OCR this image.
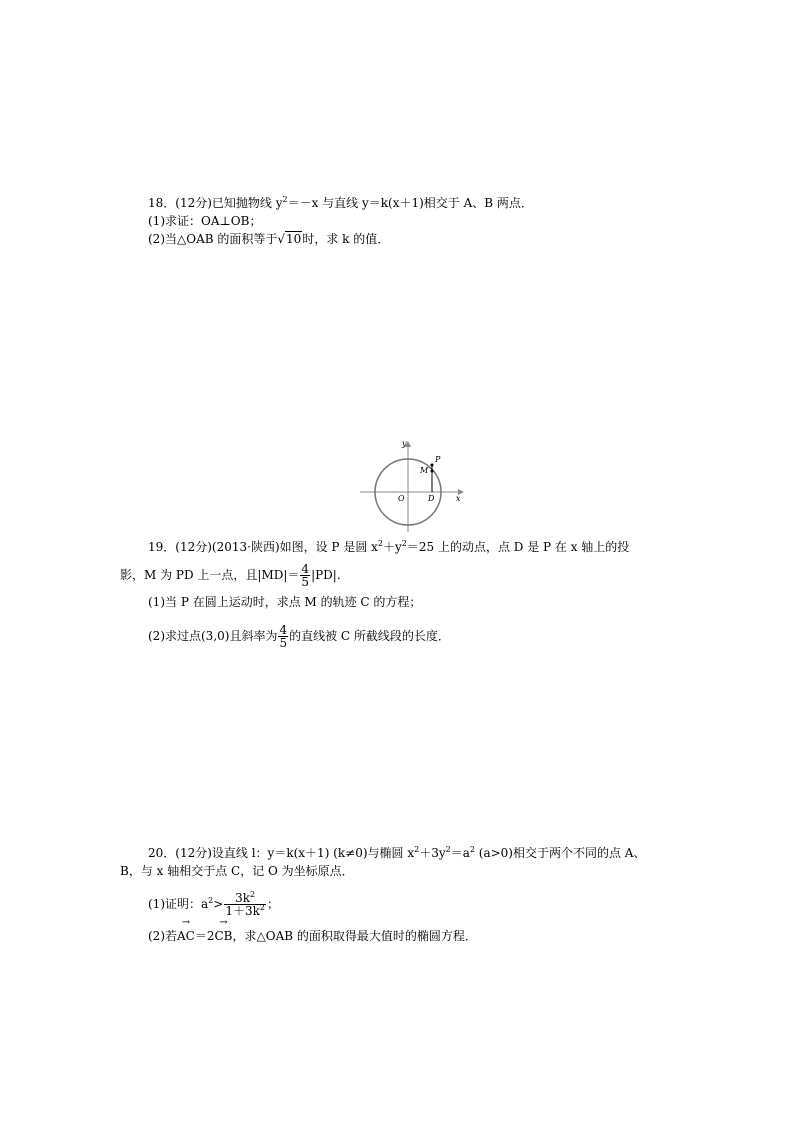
18．(12分)已知抛物线 $y^2=-x$ 与直线 y＝k(x＋1)相交于 A、B 两点．
(1)求证：OA⊥OB；
(2)当△OAB 的面积等于√10时，求 k 的值．
y
x
O	D
M
P
19．(12分)(2013·陕西)如图，设 P 是圆 $x^2+y^2=25$ 上的动点，点 D 是 P 在 x 轴上的投
影，M 为 PD 上一点，且$|MD|= \frac{4}{5} |PD|$.
(1)当 P 在圆上运动时，求点 M 的轨迹 C 的方程；
(2)求过点(3,0)且斜率为 $\frac{4}{5}$ 的直线被 C 所截线段的长度．
20．(12分)设直线 l：y＝k(x＋1) (k≠0)与椭圆 $x^2+3y^2=a^2$ (a>0)相交于两个不同的点 A、
B，与 x 轴相交于点 C，记 O 为坐标原点．
(1)证明：$a^2> \frac{3k^2}{1+3k^2}$ ；
(2)若→ AC＝2→ CB，求△OAB 的面积取得最大值时的椭圆方程．
